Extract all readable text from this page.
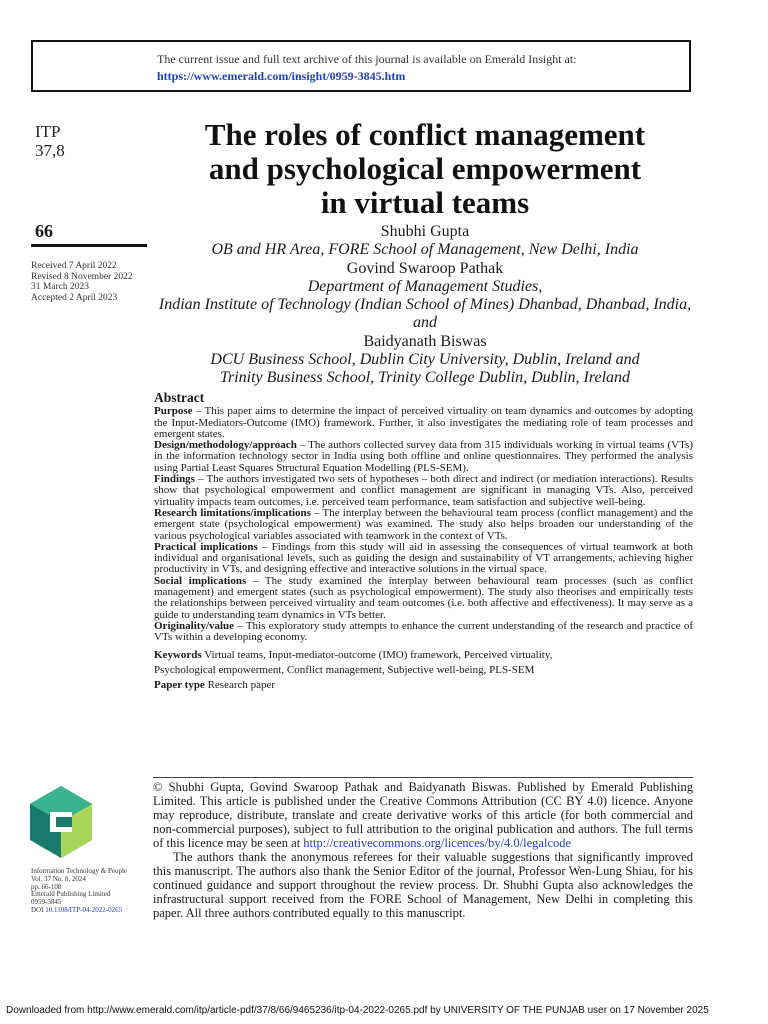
The current issue and full text archive of this journal is available on Emerald Insight at:
https://www.emerald.com/insight/0959-3845.htm
ITP
37,8
66
Received 7 April 2022
Revised 8 November 2022
31 March 2023
Accepted 2 April 2023
The roles of conflict management
and psychological empowerment
in virtual teams
Shubhi Gupta
OB and HR Area, FORE School of Management, New Delhi, India
Govind Swaroop Pathak
Department of Management Studies,
Indian Institute of Technology (Indian School of Mines) Dhanbad, Dhanbad, India, and
Baidyanath Biswas
DCU Business School, Dublin City University, Dublin, Ireland and
Trinity Business School, Trinity College Dublin, Dublin, Ireland
Abstract

Purpose – This paper aims to determine the impact of perceived virtuality on team dynamics and outcomes by adopting the Input-Mediators-Outcome (IMO) framework. Further, it also investigates the mediating role of team processes and emergent states.

Design/methodology/approach – The authors collected survey data from 315 individuals working in virtual teams (VTs) in the information technology sector in India using both offline and online questionnaires. They performed the analysis using Partial Least Squares Structural Equation Modelling (PLS-SEM).

Findings – The authors investigated two sets of hypotheses – both direct and indirect (or mediation interactions). Results show that psychological empowerment and conflict management are significant in managing VTs. Also, perceived virtuality impacts team outcomes, i.e. perceived team performance, team satisfaction and subjective well-being.

Research limitations/implications – The interplay between the behavioural team process (conflict management) and the emergent state (psychological empowerment) was examined. The study also helps broaden our understanding of the various psychological variables associated with teamwork in the context of VTs.

Practical implications – Findings from this study will aid in assessing the consequences of virtual teamwork at both individual and organisational levels, such as guiding the design and sustainability of VT arrangements, achieving higher productivity in VTs, and designing effective and interactive solutions in the virtual space.

Social implications – The study examined the interplay between behavioural team processes (such as conflict management) and emergent states (such as psychological empowerment). The study also theorises and empirically tests the relationships between perceived virtuality and team outcomes (i.e. both affective and effectiveness). It may serve as a guide to understanding team dynamics in VTs better.

Originality/value – This exploratory study attempts to enhance the current understanding of the research and practice of VTs within a developing economy.

Keywords Virtual teams, Input-mediator-outcome (IMO) framework, Perceived virtuality,
Psychological empowerment, Conflict management, Subjective well-being, PLS-SEM
Paper type Research paper
Information Technology & People
Vol. 37 No. 8, 2024
pp. 66-108
Emerald Publishing Limited
0959-3845
DOI 10.1108/ITP-04-2022-0265

© Shubhi Gupta, Govind Swaroop Pathak and Baidyanath Biswas. Published by Emerald Publishing Limited. This article is published under the Creative Commons Attribution (CC BY 4.0) licence. Anyone may reproduce, distribute, translate and create derivative works of this article (for both commercial and non-commercial purposes), subject to full attribution to the original publication and authors. The full terms of this licence may be seen at http://creativecommons.org/licences/by/4.0/legalcode

The authors thank the anonymous referees for their valuable suggestions that significantly improved this manuscript. The authors also thank the Senior Editor of the journal, Professor Wen-Lung Shiau, for his continued guidance and support throughout the review process. Dr. Shubhi Gupta also acknowledges the infrastructural support received from the FORE School of Management, New Delhi in completing this paper. All three authors contributed equally to this manuscript.

Downloaded from http://www.emerald.com/itp/article-pdf/37/8/66/9465236/itp-04-2022-0265.pdf by UNIVERSITY OF THE PUNJAB user on 17 November 2025
